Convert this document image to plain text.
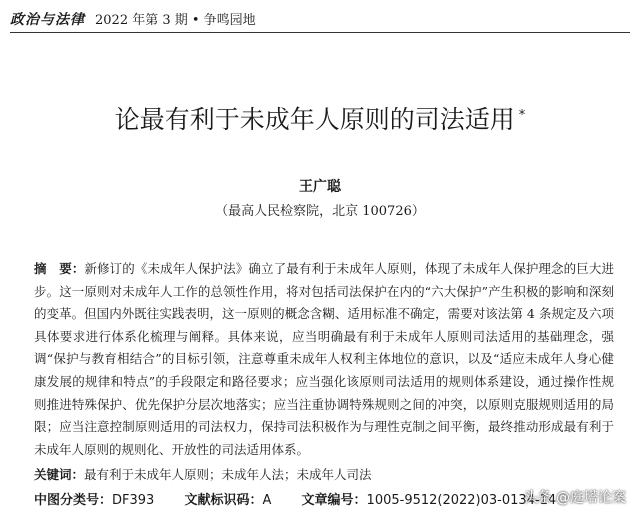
政治与法律 2022 年第 3 期 • 争鸣园地
论最有利于未成年人原则的司法适用 *
王广聪
（最高人民检察院，北京 100726）
摘　要：新修订的《未成年人保护法》确立了最有利于未成年人原则，体现了未成年人保护理念的巨大进步。这一原则对未成年人工作的总领性作用，将对包括司法保护在内的“六大保护”产生积极的影响和深刻的变革。但国内外既往实践表明，这一原则的概念含糊、适用标准不确定，需要对该法第 4 条规定及六项具体要求进行体系化梳理与阐释。具体来说，应当明确最有利于未成年人原则司法适用的基础理念，强调“保护与教育相结合”的目标引领，注意尊重未成年人权利主体地位的意识，以及“适应未成年人身心健康发展的规律和特点”的手段限定和路径要求；应当强化该原则司法适用的规则体系建设，通过操作性规则推进特殊保护、优先保护分层次地落实；应当注重协调特殊规则之间的冲突，以原则克服规则适用的局限；应当注意控制原则适用的司法权力，保持司法积极作为与理性克制之间平衡，最终推动形成最有利于未成年人原则的规则化、开放性的司法适用体系。
关键词：最有利于未成年人原则；未成年人法；未成年人司法
中图分类号：DF393 文献标识码：A 文章编号：1005-9512(2022)03-0134-14
头条 @庭塔论案
